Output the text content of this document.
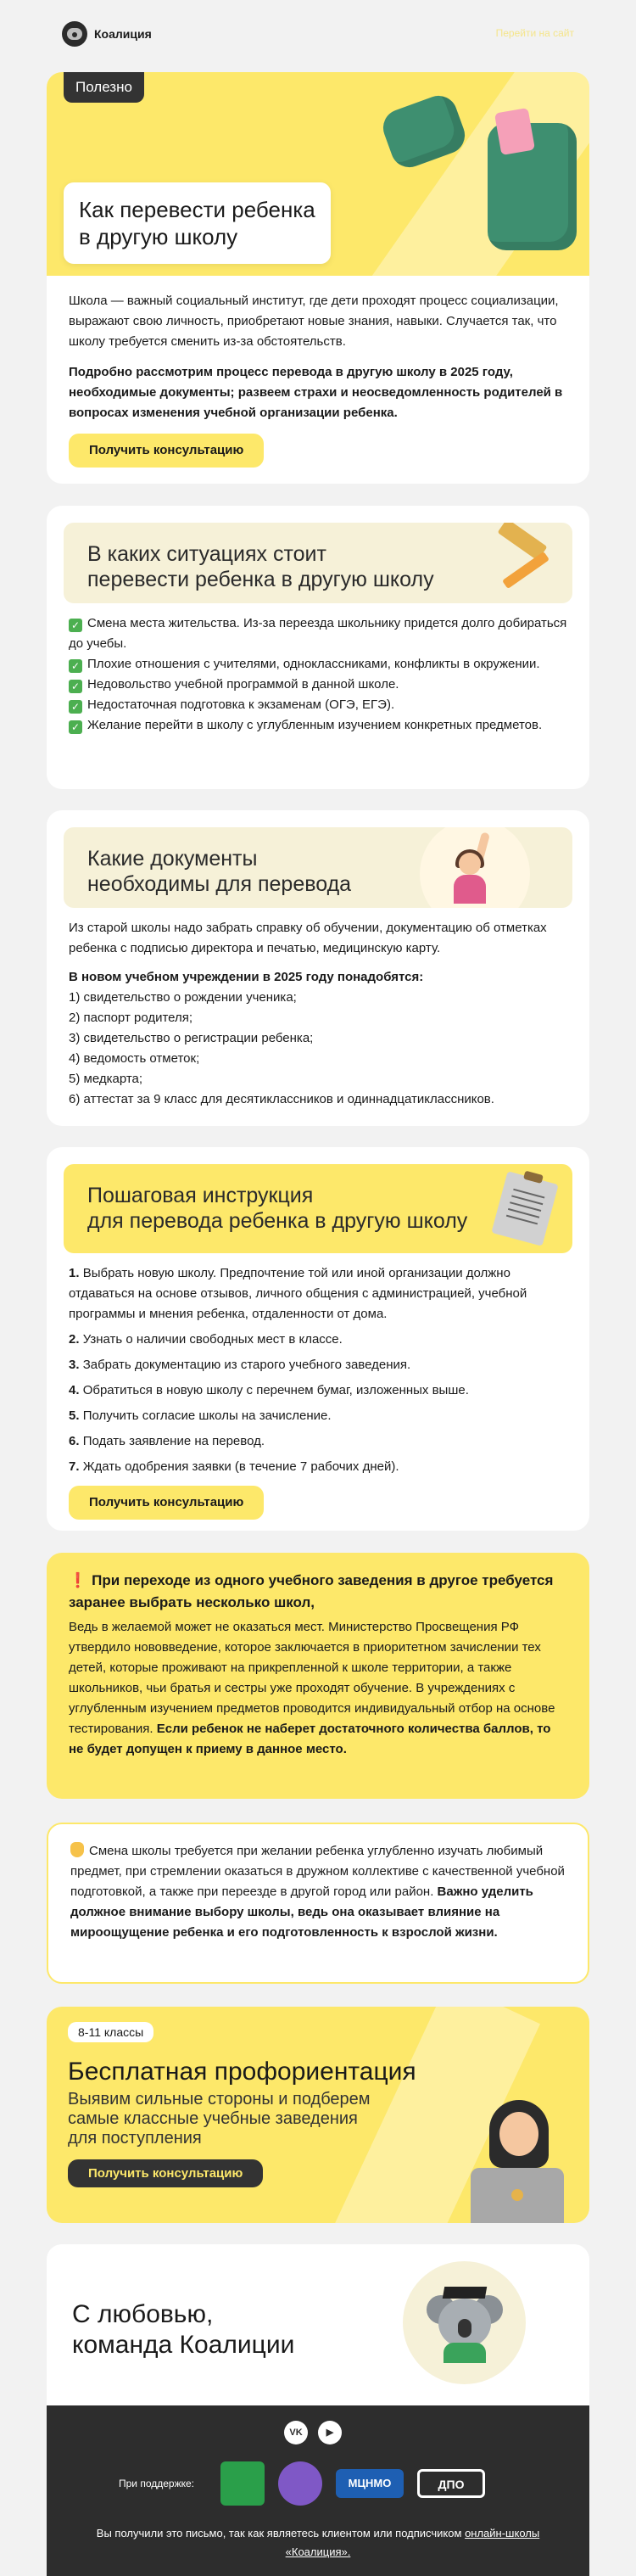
Коалиция	Перейти на сайт
Полезно
Как перевести ребенка
в другую школу

Школа — важный социальный институт, где дети проходят процесс социализации, выражают свою личность, приобретают новые знания, навыки. Случается так, что школу требуется сменить из-за обстоятельств.

Подробно рассмотрим процесс перевода в другую школу в 2025 году, необходимые документы; развеем страхи и неосведомленность родителей в вопросах изменения учебной организации ребенка.

Получить консультацию
В каких ситуациях стоит
перевести ребенка в другую школу

✓ Смена места жительства. Из-за переезда школьнику придется долго добираться до учебы.

✓ Плохие отношения с учителями, одноклассниками, конфликты в окружении.

✓ Недовольство учебной программой в данной школе.

✓ Недостаточная подготовка к экзаменам (ОГЭ, ЕГЭ).

✓ Желание перейти в школу с углубленным изучением конкретных предметов.

Какие документы
необходимы для перевода

Из старой школы надо забрать справку об обучении, документацию об отметках ребенка с подписью директора и печатью, медицинскую карту.

В новом учебном учреждении в 2025 году понадобятся:

1) свидетельство о рождении ученика;

2) паспорт родителя;

3) свидетельство о регистрации ребенка;

4) ведомость отметок;

5) медкарта;

6) аттестат за 9 класс для десятиклассников и одиннадцатиклассников.

Пошаговая инструкция
для перевода ребенка в другую школу

1. Выбрать новую школу. Предпочтение той или иной организации должно отдаваться на основе отзывов, личного общения с администрацией, учебной программы и мнения ребенка, отдаленности от дома.

2. Узнать о наличии свободных мест в классе.

3. Забрать документацию из старого учебного заведения.

4. Обратиться в новую школу с перечнем бумаг, изложенных выше.

5. Получить согласие школы на зачисление.

6. Подать заявление на перевод.

7. Ждать одобрения заявки (в течение 7 рабочих дней).

Получить консультацию

❗ При переходе из одного учебного заведения в другое требуется заранее выбрать несколько школ,
Ведь в желаемой может не оказаться мест. Министерство Просвещения РФ утвердило нововведение, которое заключается в приоритетном зачислении тех детей, которые проживают на прикрепленной к школе территории, а также школьников, чьи братья и сестры уже проходят обучение. В учреждениях с углубленным изучением предметов проводится индивидуальный отбор на основе тестирования. Если ребенок не наберет достаточного количества баллов, то не будет допущен к приему в данное место.
Смена школы требуется при желании ребенка углубленно изучать любимый предмет, при стремлении оказаться в дружном коллективе с качественной учебной подготовкой, а также при переезде в другой город или район. Важно уделить должное внимание выбору школы, ведь она оказывает влияние на мироощущение ребенка и его подготовленность к взрослой жизни.
8-11 классы
Бесплатная профориентация
Выявим сильные стороны и подберем
самые классные учебные заведения
для поступления
Получить консультацию
С любовью,
команда Коалиции
VK	▶
При поддержке:	МЦНМО	ДПО
Вы получили это письмо, так как являетесь клиентом или подписчиком онлайн-школы «Коалиция».
